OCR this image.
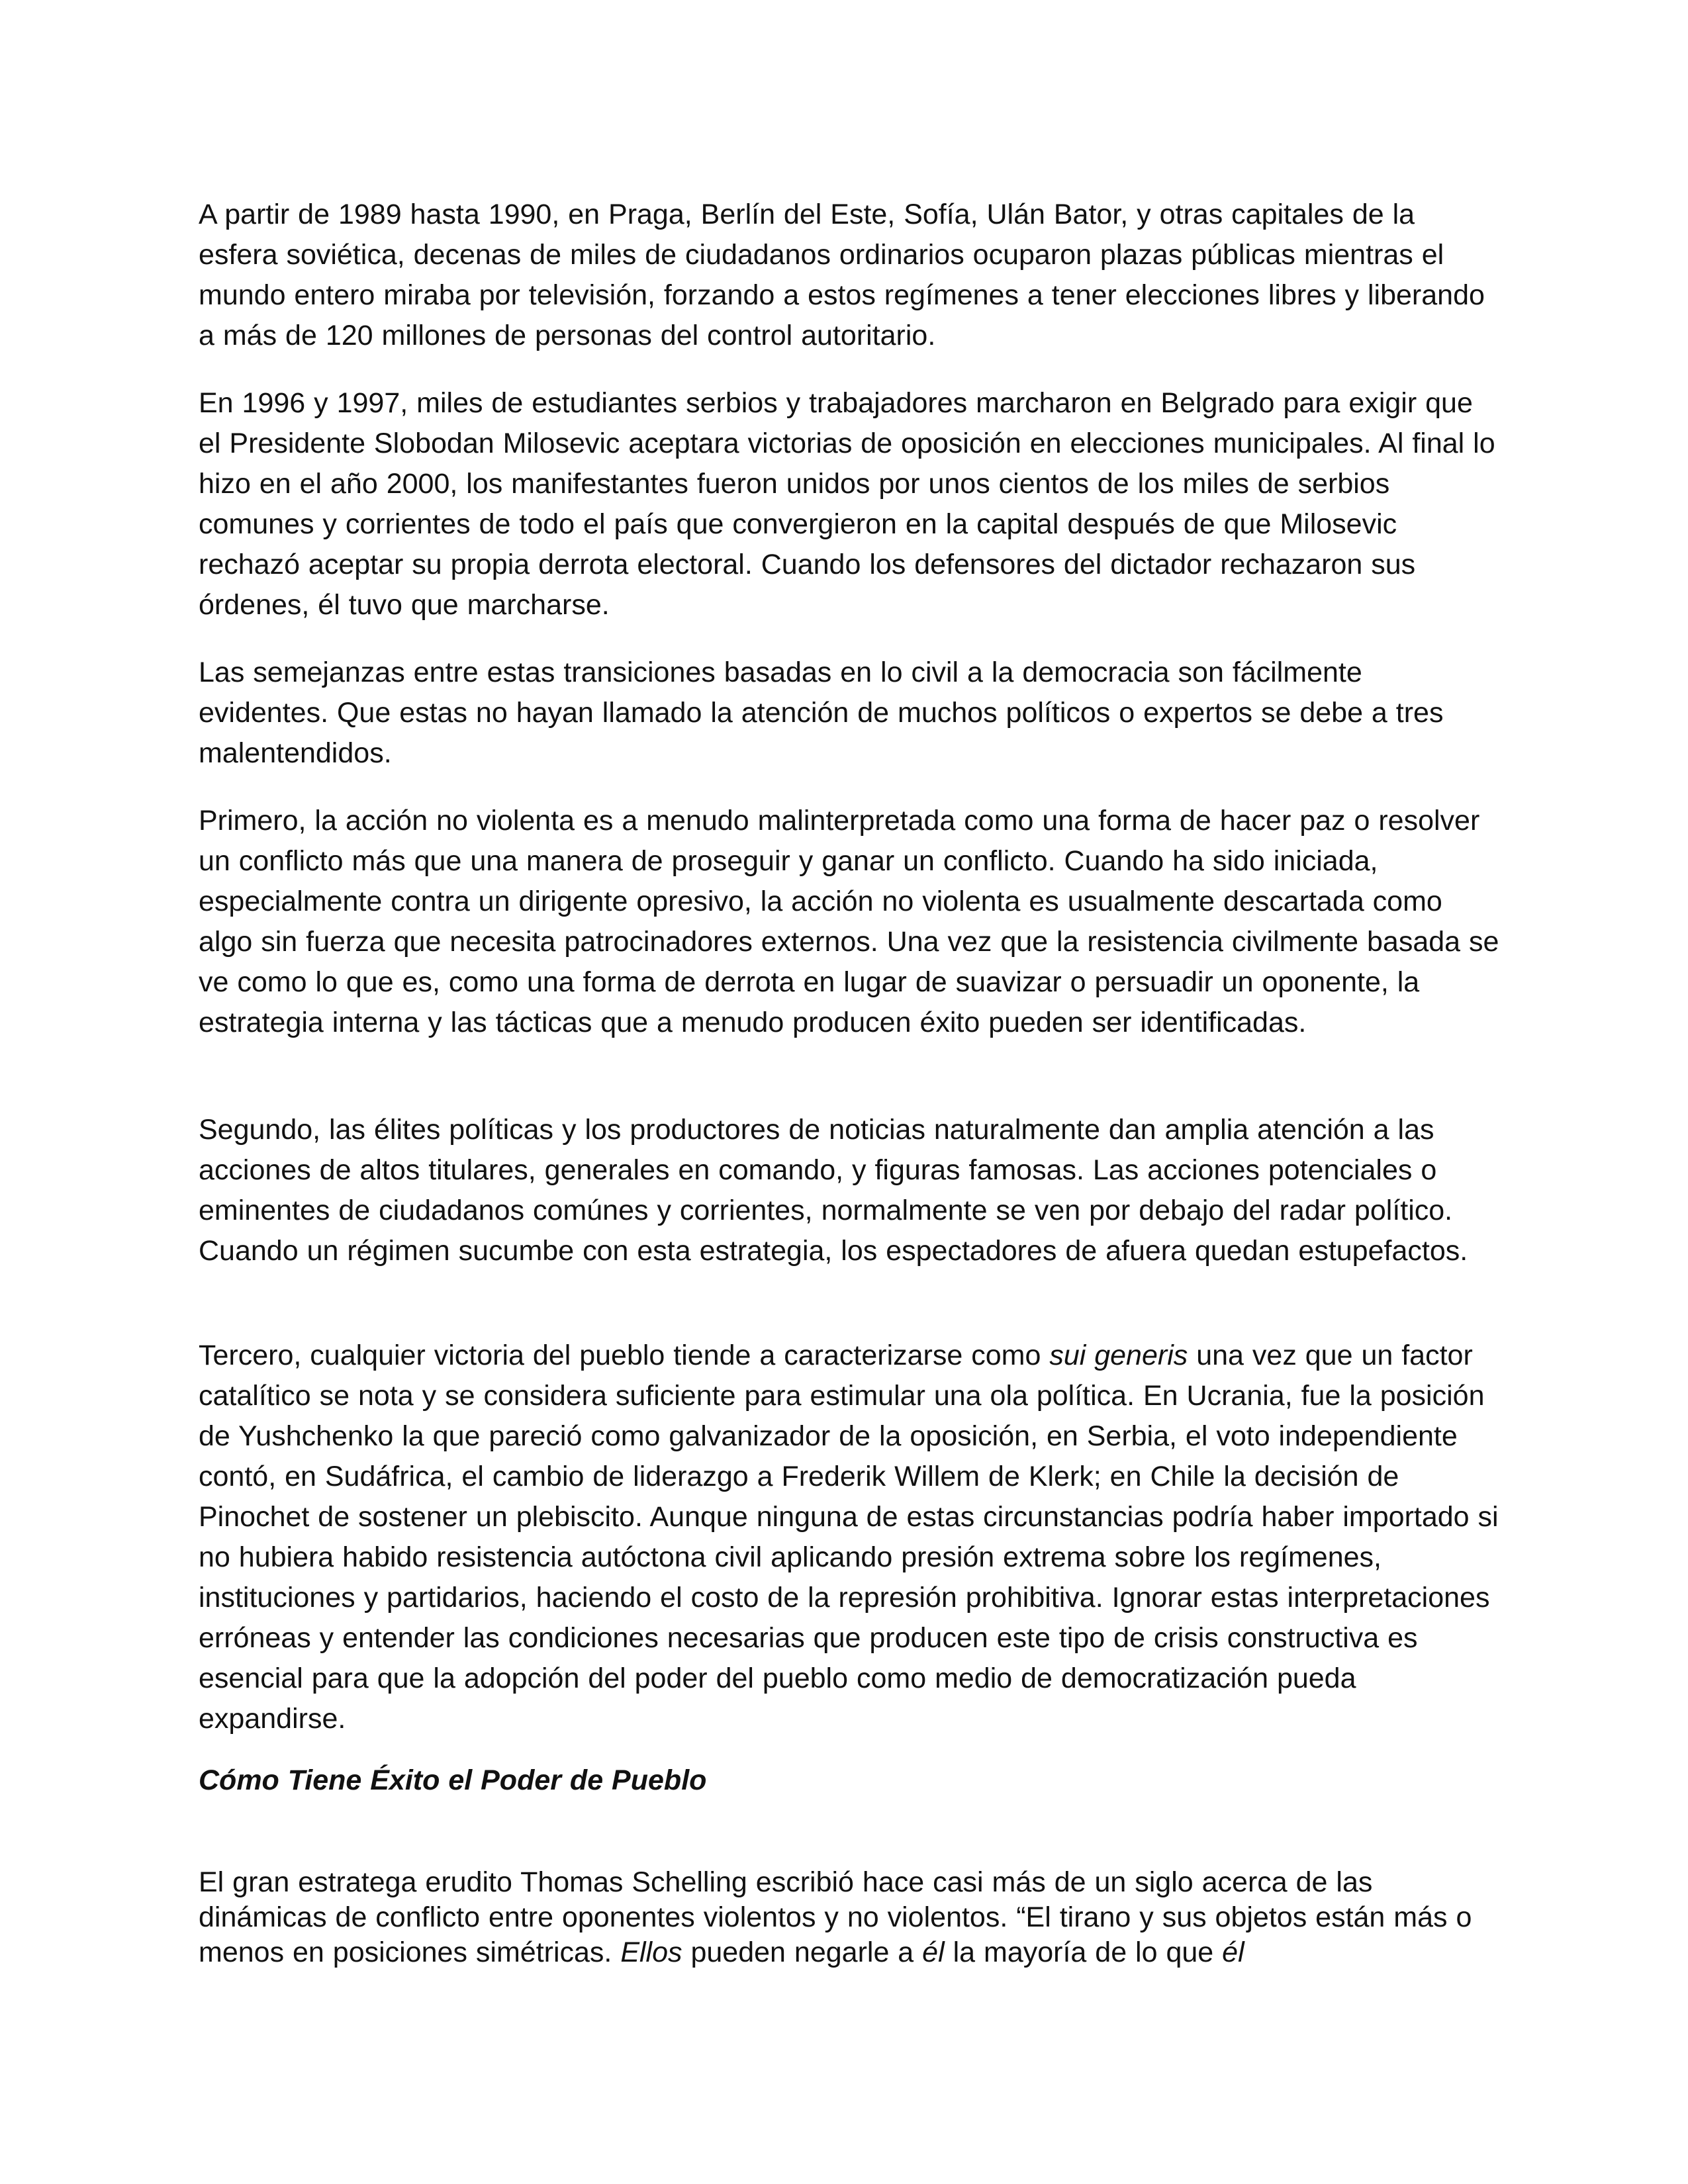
A partir de 1989 hasta 1990, en Praga, Berlín del Este, Sofía, Ulán Bator, y otras capitales de la esfera soviética, decenas de miles de ciudadanos ordinarios ocuparon plazas públicas mientras el mundo entero miraba por televisión, forzando a estos regímenes a tener elecciones libres y liberando a más de 120 millones de personas del control autoritario.

En 1996 y 1997, miles de estudiantes serbios y trabajadores marcharon en Belgrado para exigir que el Presidente Slobodan Milosevic aceptara victorias de oposición en elecciones municipales. Al final lo hizo en el año 2000, los manifestantes fueron unidos por unos cientos de los miles de serbios comunes y corrientes de todo el país que convergieron en la capital después de que Milosevic rechazó aceptar su propia derrota electoral. Cuando los defensores del dictador rechazaron sus órdenes, él tuvo que marcharse.

Las semejanzas entre estas transiciones basadas en lo civil a la democracia son fácilmente evidentes. Que estas no hayan llamado la atención de muchos políticos o expertos se debe a tres malentendidos.

Primero, la acción no violenta es a menudo malinterpretada como una forma de hacer paz o resolver un conflicto más que una manera de proseguir y ganar un conflicto. Cuando ha sido iniciada, especialmente contra un dirigente opresivo, la acción no violenta es usualmente descartada como algo sin fuerza que necesita patrocinadores externos. Una vez que la resistencia civilmente basada se ve como lo que es, como una forma de derrota en lugar de suavizar o persuadir un oponente, la estrategia interna y las tácticas que a menudo producen éxito pueden ser identificadas.

Segundo, las élites políticas y los productores de noticias naturalmente dan amplia atención a las acciones de altos titulares, generales en comando, y figuras famosas. Las acciones potenciales o eminentes de ciudadanos comúnes y corrientes, normalmente se ven por debajo del radar político. Cuando un régimen sucumbe con esta estrategia, los espectadores de afuera quedan estupefactos.

Tercero, cualquier victoria del pueblo tiende a caracterizarse como sui generis una vez que un factor catalítico se nota y se considera suficiente para estimular una ola política. En Ucrania, fue la posición de Yushchenko la que pareció como galvanizador de la oposición, en Serbia, el voto independiente contó, en Sudáfrica, el cambio de liderazgo a Frederik Willem de Klerk; en Chile la decisión de Pinochet de sostener un plebiscito. Aunque ninguna de estas circunstancias podría haber importado si no hubiera habido resistencia autóctona civil aplicando presión extrema sobre los regímenes, instituciones y partidarios, haciendo el costo de la represión prohibitiva. Ignorar estas interpretaciones erróneas y entender las condiciones necesarias que producen este tipo de crisis constructiva es esencial para que la adopción del poder del pueblo como medio de democratización pueda expandirse.

Cómo Tiene Éxito el Poder de Pueblo

El gran estratega erudito Thomas Schelling escribió hace casi más de un siglo acerca de las dinámicas de conflicto entre oponentes violentos y no violentos. “El tirano y sus objetos están más o menos en posiciones simétricas. Ellos pueden negarle a él la mayoría de lo que él
